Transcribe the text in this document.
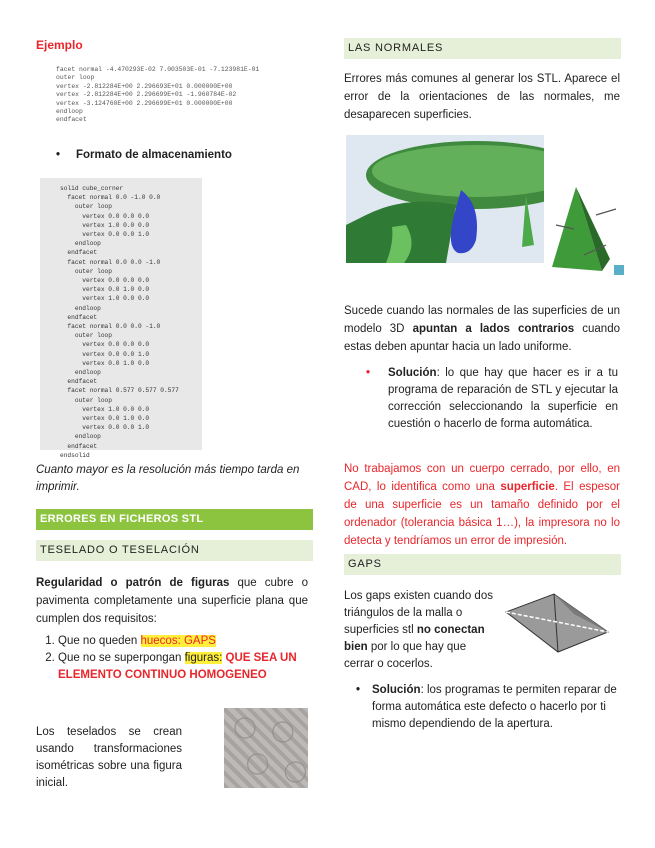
Ejemplo
facet normal -4.470293E-02 7.003503E-01 -7.123981E-01
outer loop
vertex -2.812284E+00 2.296693E+01 0.000000E+00
vertex -2.812284E+00 2.296699E+01 -1.960784E-02
vertex -3.124760E+00 2.296699E+01 0.000000E+00
endloop
endfacet
• Formato de almacenamiento
solid cube_corner
facet normal 0.0 -1.0 0.0
outer loop
vertex 0.0 0.0 0.0
vertex 1.0 0.0 0.0
vertex 0.0 0.0 1.0
endloop
endfacet
facet normal 0.0 0.0 -1.0
outer loop
vertex 0.0 0.0 0.0
vertex 0.0 1.0 0.0
vertex 1.0 0.0 0.0
endloop
endfacet
facet normal 0.0 0.0 -1.0
outer loop
vertex 0.0 0.0 0.0
vertex 0.0 0.0 1.0
vertex 0.0 1.0 0.0
endloop
endfacet
facet normal 0.577 0.577 0.577
outer loop
vertex 1.0 0.0 0.0
vertex 0.0 1.0 0.0
vertex 0.0 0.0 1.0
endloop
endfacet
endsolid
Cuanto mayor es la resolución más tiempo tarda en imprimir.
ERRORES EN FICHEROS STL
TESELADO O TESELACIÓN
Regularidad o patrón de figuras que cubre o pavimenta completamente una superficie plana que cumplen dos requisitos:
1. Que no queden huecos: GAPS
2. Que no se superpongan figuras: QUE SEA UN ELEMENTO CONTINUO HOMOGENEO
Los teselados se crean usando transformaciones isométricas sobre una figura inicial.
LAS NORMALES
Errores más comunes al generar los STL. Aparece el error de la orientaciones de las normales, me desaparecen superficies.
Sucede cuando las normales de las superficies de un modelo 3D apuntan a lados contrarios cuando estas deben apuntar hacia un lado uniforme.
• Solución: lo que hay que hacer es ir a tu programa de reparación de STL y ejecutar la corrección seleccionando la superficie en cuestión o hacerlo de forma automática.
No trabajamos con un cuerpo cerrado, por ello, en CAD, lo identifica como una superficie. El espesor de una superficie es un tamaño definido por el ordenador (tolerancia básica 1…), la impresora no lo detecta y tendríamos un error de impresión.
GAPS
Los gaps existen cuando dos triángulos de la malla o superficies stl no conectan bien por lo que hay que cerrar o cocerlos.
• Solución: los programas te permiten reparar de forma automática este defecto o hacerlo por ti mismo dependiendo de la apertura.
